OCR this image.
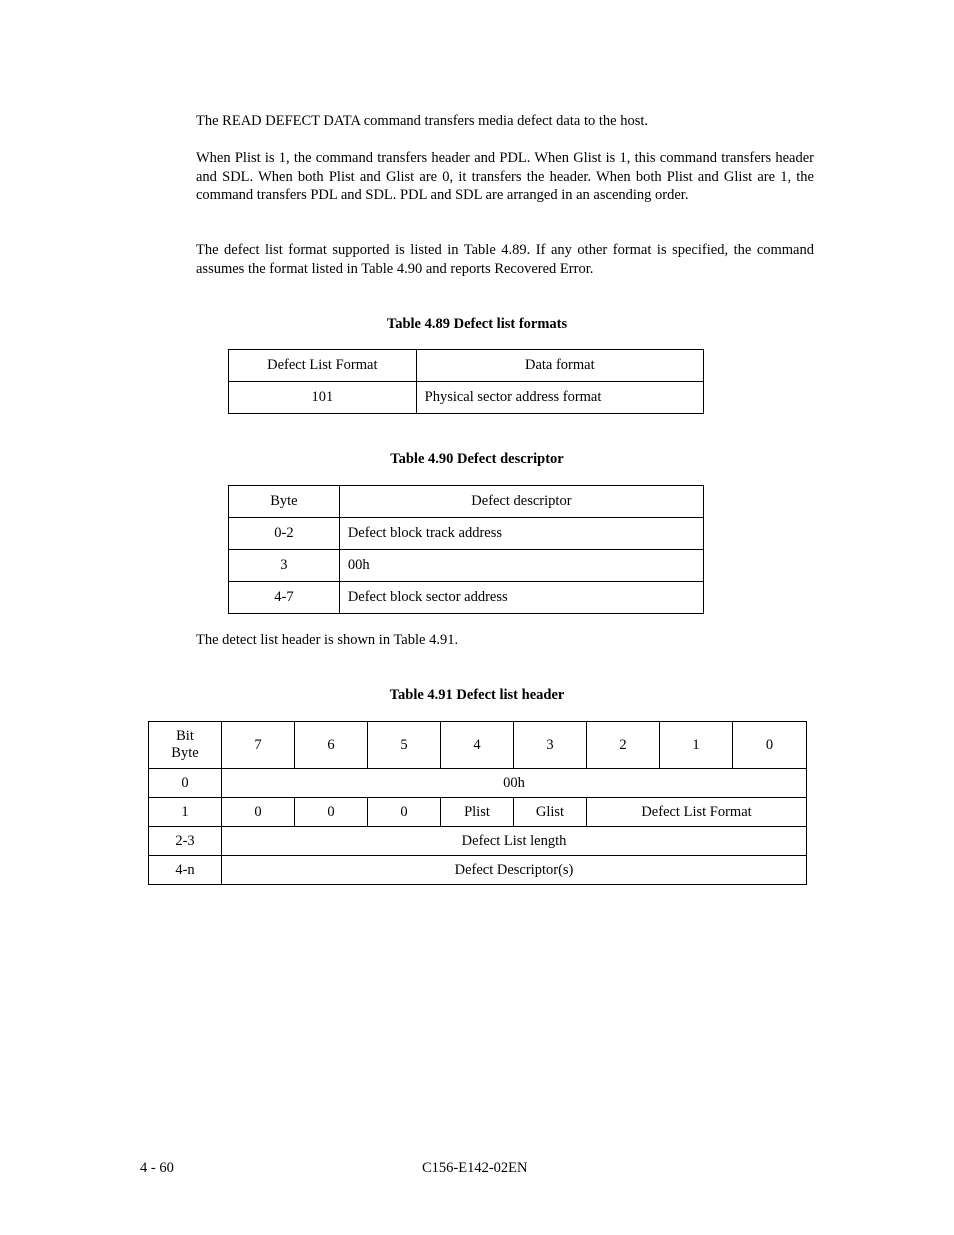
The READ DEFECT DATA command transfers media defect data to the host.

When Plist is 1, the command transfers header and PDL. When Glist is 1, this command transfers header and SDL. When both Plist and Glist are 0, it transfers the header. When both Plist and Glist are 1, the command transfers PDL and SDL. PDL and SDL are arranged in an ascending order.

The defect list format supported is listed in Table 4.89. If any other format is specified, the command assumes the format listed in Table 4.90 and reports Recovered Error.

Table 4.89 Defect list formats

Defect List Format	Data format
101	Physical sector address format

Table 4.90 Defect descriptor

Byte	Defect descriptor
0-2	Defect block track address
3	00h
4-7	Defect block sector address

The detect list header is shown in Table 4.91.

Table 4.91 Defect list header

Bit
Byte	7	6	5	4	3	2	1	0
0	00h							
1	0	0	0	Plist	Glist	Defect List Format		
2-3	Defect List length							
4-n	Defect Descriptor(s)							

4 - 60	C156-E142-02EN
